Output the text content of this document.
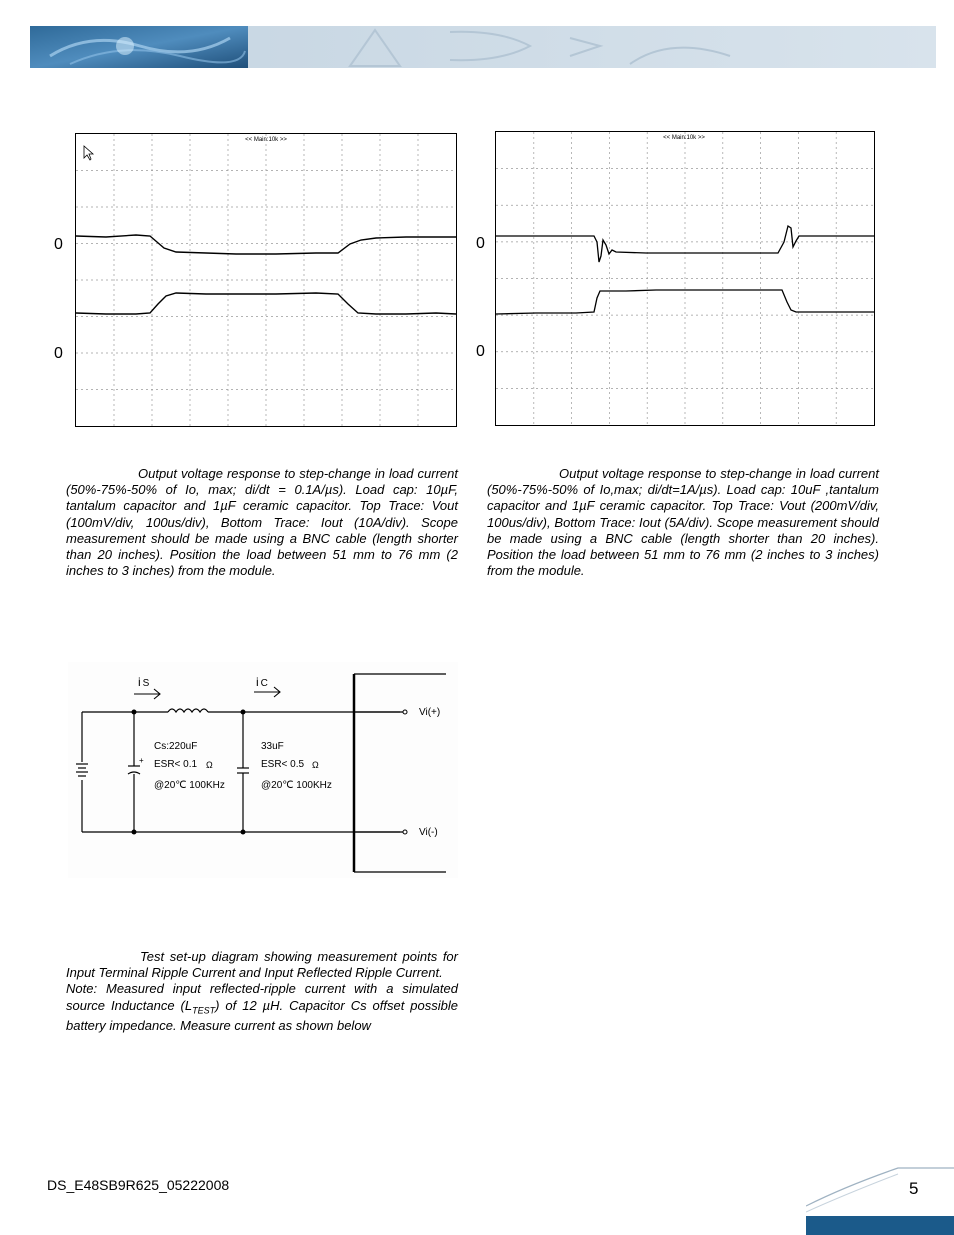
<< Main:10k >>
0
0
<< Main:10k >>
0
0

Output voltage response to step-change in load current (50%-75%-50% of Io, max; di/dt = 0.1A/µs). Load cap: 10µF, tantalum capacitor and 1µF ceramic capacitor. Top Trace: Vout (100mV/div, 100us/div), Bottom Trace: Iout (10A/div). Scope measurement should be made using a BNC cable (length shorter than 20 inches). Position the load between 51 mm to 76 mm (2 inches to 3 inches) from the module.

Output voltage response to step-change in load current (50%-75%-50% of Io,max; di/dt=1A/µs). Load cap: 10uF ,tantalum capacitor and 1µF ceramic capacitor. Top Trace: Vout (200mV/div, 100us/div), Bottom Trace: Iout (5A/div). Scope measurement should be made using a BNC cable (length shorter than 20 inches). Position the load between 51 mm to 76 mm (2 inches to 3 inches) from the module.

+
Vi(+)
Vi(-)
i S	i C
Cs:220uF
ESR< 0.1 Ω
@20℃ 100KHz
33uF
ESR< 0.5 Ω
@20℃ 100KHz

Test set-up diagram showing measurement points for Input Terminal Ripple Current and Input Reflected Ripple Current.

Note: Measured input reflected-ripple current with a simulated source Inductance $(L_{TEST})$ of 12 µH. Capacitor Cs offset possible battery impedance. Measure current as shown below

DS_E48SB9R625_05222008	5
